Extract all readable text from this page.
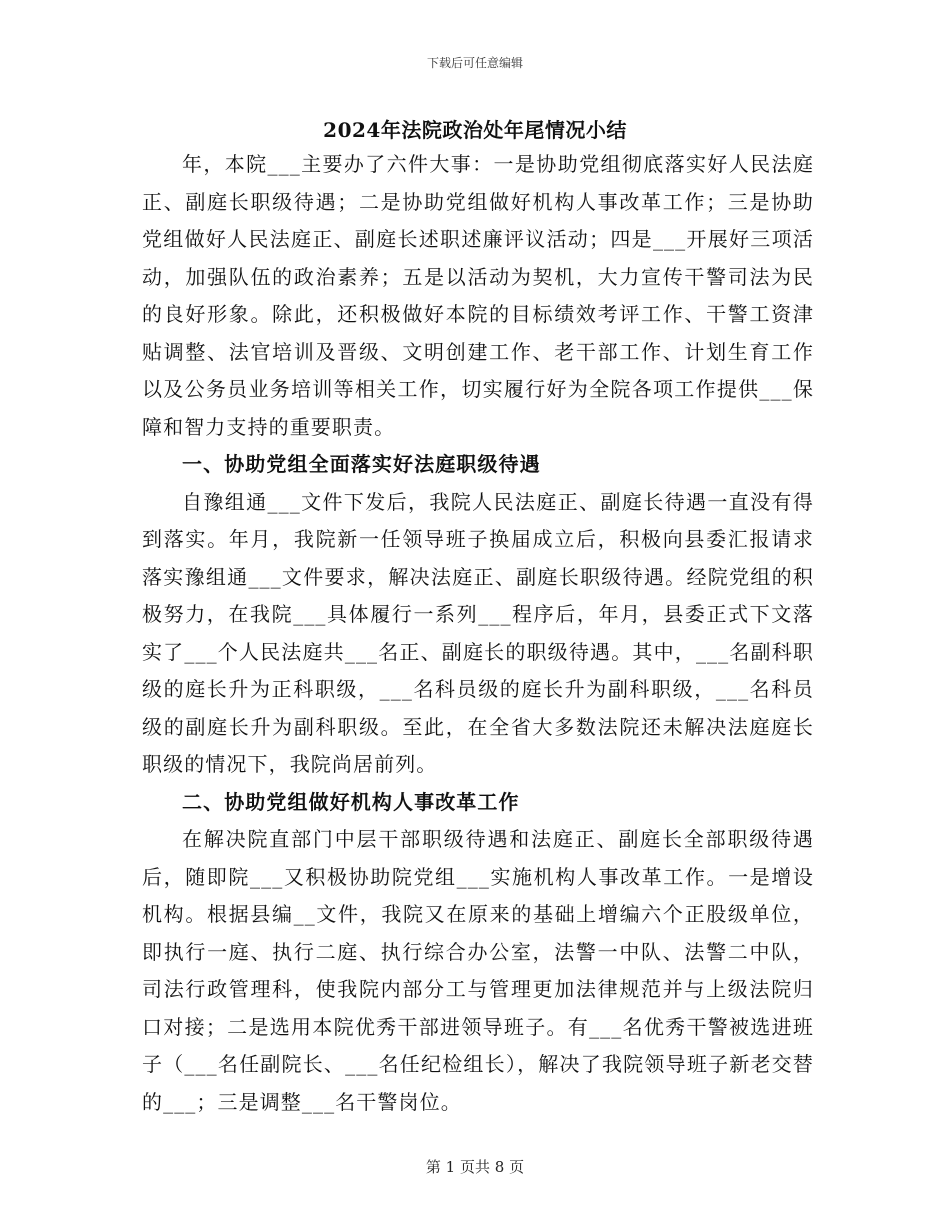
下载后可任意编辑
2024年法院政治处年尾情况小结

年，本院___主要办了六件大事：一是协助党组彻底落实好人民法庭正、副庭长职级待遇；二是协助党组做好机构人事改革工作；三是协助党组做好人民法庭正、副庭长述职述廉评议活动；四是___开展好三项活动，加强队伍的政治素养；五是以活动为契机，大力宣传干警司法为民的良好形象。除此，还积极做好本院的目标绩效考评工作、干警工资津贴调整、法官培训及晋级、文明创建工作、老干部工作、计划生育工作以及公务员业务培训等相关工作，切实履行好为全院各项工作提供___保障和智力支持的重要职责。

一、协助党组全面落实好法庭职级待遇

自豫组通___文件下发后，我院人民法庭正、副庭长待遇一直没有得到落实。年月，我院新一任领导班子换届成立后，积极向县委汇报请求落实豫组通___文件要求，解决法庭正、副庭长职级待遇。经院党组的积极努力，在我院___具体履行一系列___程序后，年月，县委正式下文落实了___个人民法庭共___名正、副庭长的职级待遇。其中，___名副科职级的庭长升为正科职级，___名科员级的庭长升为副科职级，___名科员级的副庭长升为副科职级。至此，在全省大多数法院还未解决法庭庭长职级的情况下，我院尚居前列。

二、协助党组做好机构人事改革工作

在解决院直部门中层干部职级待遇和法庭正、副庭长全部职级待遇后，随即院___又积极协助院党组___实施机构人事改革工作。一是增设机构。根据县编__文件，我院又在原来的基础上增编六个正股级单位，即执行一庭、执行二庭、执行综合办公室，法警一中队、法警二中队，司法行政管理科，使我院内部分工与管理更加法律规范并与上级法院归口对接；二是选用本院优秀干部进领导班子。有___名优秀干警被选进班子（___名任副院长、___名任纪检组长），解决了我院领导班子新老交替的___；三是调整___名干警岗位。

第 1 页共 8 页
